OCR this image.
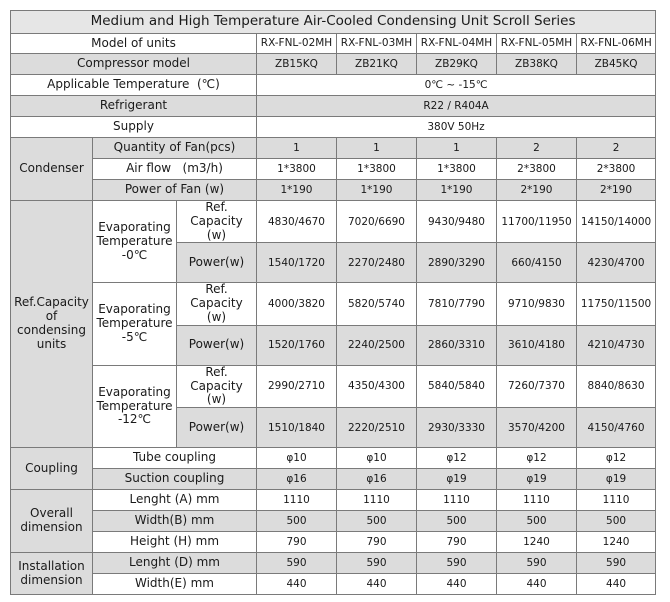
Medium and High Temperature Air-Cooled Condensing Unit Scroll Series							
Model of units			RX-FNL-02MH	RX-FNL-03MH	RX-FNL-04MH	RX-FNL-05MH	RX-FNL-06MH
Compressor model			ZB15KQ	ZB21KQ	ZB29KQ	ZB38KQ	ZB45KQ
Applicable Temperature  (℃)			0℃ ~ -15℃				
Refrigerant			R22 / R404A				
Supply			380V 50Hz				
Condenser	Quantity of Fan(pcs)		1	1	1	2	2
	Air flow   (m3/h)		1*3800	1*3800	1*3800	2*3800	2*3800
	Power of Fan (w)		1*190	1*190	1*190	2*190	2*190
Ref.Capacity of condensing units	Evaporating Temperature -0℃	Ref. Capacity (w)	4830/4670	7020/6690	9430/9480	11700/11950	14150/14000
		Power(w)	1540/1720	2270/2480	2890/3290	660/4150	4230/4700
	Evaporating Temperature -5℃	Ref. Capacity (w)	4000/3820	5820/5740	7810/7790	9710/9830	11750/11500
		Power(w)	1520/1760	2240/2500	2860/3310	3610/4180	4210/4730
	Evaporating Temperature -12℃	Ref. Capacity (w)	2990/2710	4350/4300	5840/5840	7260/7370	8840/8630
		Power(w)	1510/1840	2220/2510	2930/3330	3570/4200	4150/4760
Coupling	Tube coupling		φ10	φ10	φ12	φ12	φ12
	Suction coupling		φ16	φ16	φ19	φ19	φ19
Overall dimension	Lenght (A) mm		1110	1110	1110	1110	1110
	Width(B) mm		500	500	500	500	500
	Height (H) mm		790	790	790	1240	1240
Installation dimension	Lenght (D) mm		590	590	590	590	590
	Width(E) mm		440	440	440	440	440
